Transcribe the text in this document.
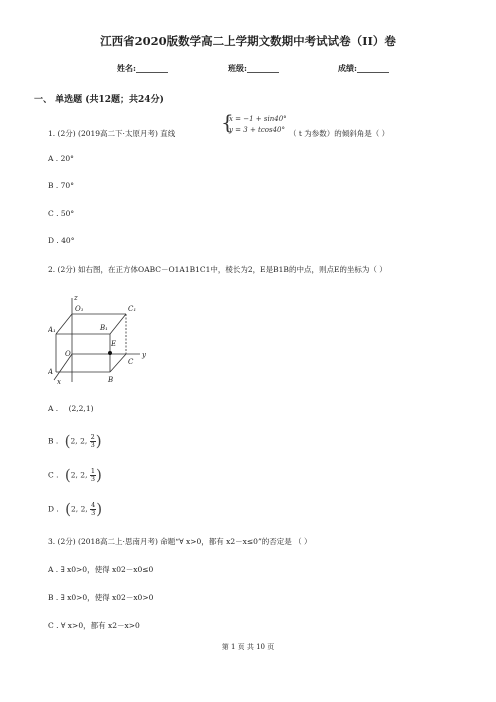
江西省2020版数学高二上学期文数期中考试试卷（II）卷
姓名:________	班级:________	成绩:________
一、 单选题 (共12题；共24分)
1. (2分) (2019高二下·太原月考) 直线 {
x = −1 + sin40°
y = 3 + tcos40° （ t 为参数）的倾斜角是（ ）
A . 20°
B . 70°
C . 50°
D . 40°
2. (2分) 如右图，在正方体OABC－O1A1B1C1中，棱长为2，E是B1B的中点，则点E的坐标为（ ）
z
O₁	C₁
A₁	B₁
E
y
C
O
A
B
x
A . (2,2,1)
B . (2, 2, $\frac{2}{3}$ )
C . (2, 2, $\frac{1}{3}$ )
D . (2, 2, $\frac{4}{3}$ )
3. (2分) (2018高二上·思南月考) 命题“∀ x>0，都有 x2－x≤0”的否定是 （ ）
A . ∃ x0>0，使得 x02－x0≤0
B . ∃ x0>0，使得 x02－x0>0
C . ∀ x>0，都有 x2－x>0
第 1 页 共 10 页
